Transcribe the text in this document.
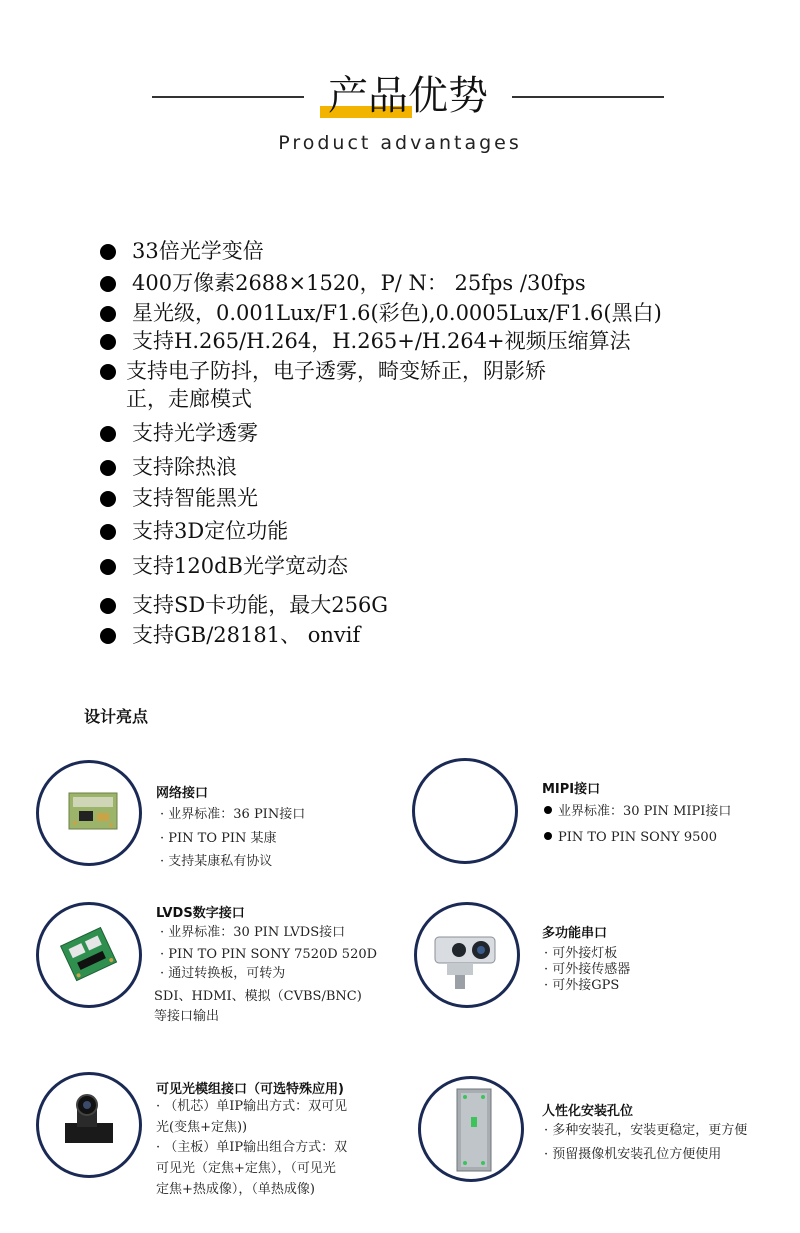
产品优势
Product advantages
33倍光学变倍
400万像素2688×1520，P/ N： 25fps /30fps
星光级，0.001Lux/F1.6(彩色),0.0005Lux/F1.6(黑白)
支持H.265/H.264，H.265+/H.264+视频压缩算法
支持电子防抖，电子透雾，畸变矫正，阴影矫
正，走廊模式
支持光学透雾
支持除热浪
支持智能黑光
支持3D定位功能
支持120dB光学宽动态
支持SD卡功能，最大256G
支持GB/28181、 onvif
设计亮点
网络接口
· 业界标准：36 PIN接口
· PIN TO PIN 某康
· 支持某康私有协议
MIPI接口
业界标准：30 PIN MIPI接口
PIN TO PIN SONY 9500
LVDS数字接口
· 业界标准：30 PIN LVDS接口
· PIN TO PIN SONY 7520D 520D
· 通过转换板，可转为
SDI、HDMI、模拟（CVBS/BNC)
等接口输出
多功能串口
· 可外接灯板
· 可外接传感器
· 可外接GPS
可见光模组接口（可选特殊应用)
· （机芯）单IP输出方式：双可见
光(变焦+定焦))
· （主板）单IP输出组合方式：双
可见光（定焦+定焦），（可见光
定焦+热成像），（单热成像)
人性化安装孔位
· 多种安装孔，安装更稳定，更方便
· 预留摄像机安装孔位方便使用
